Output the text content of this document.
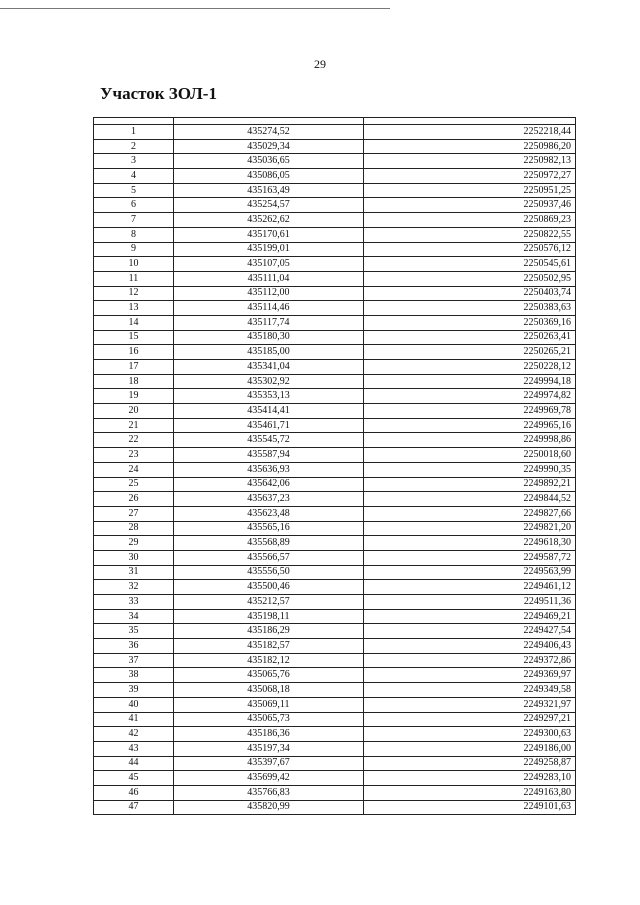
29
Участок ЗОЛ-1

1	435274,52	2252218,44
2	435029,34	2250986,20
3	435036,65	2250982,13
4	435086,05	2250972,27
5	435163,49	2250951,25
6	435254,57	2250937,46
7	435262,62	2250869,23
8	435170,61	2250822,55
9	435199,01	2250576,12
10	435107,05	2250545,61
11	435111,04	2250502,95
12	435112,00	2250403,74
13	435114,46	2250383,63
14	435117,74	2250369,16
15	435180,30	2250263,41
16	435185,00	2250265,21
17	435341,04	2250228,12
18	435302,92	2249994,18
19	435353,13	2249974,82
20	435414,41	2249969,78
21	435461,71	2249965,16
22	435545,72	2249998,86
23	435587,94	2250018,60
24	435636,93	2249990,35
25	435642,06	2249892,21
26	435637,23	2249844,52
27	435623,48	2249827,66
28	435565,16	2249821,20
29	435568,89	2249618,30
30	435566,57	2249587,72
31	435556,50	2249563,99
32	435500,46	2249461,12
33	435212,57	2249511,36
34	435198,11	2249469,21
35	435186,29	2249427,54
36	435182,57	2249406,43
37	435182,12	2249372,86
38	435065,76	2249369,97
39	435068,18	2249349,58
40	435069,11	2249321,97
41	435065,73	2249297,21
42	435186,36	2249300,63
43	435197,34	2249186,00
44	435397,67	2249258,87
45	435699,42	2249283,10
46	435766,83	2249163,80
47	435820,99	2249101,63
